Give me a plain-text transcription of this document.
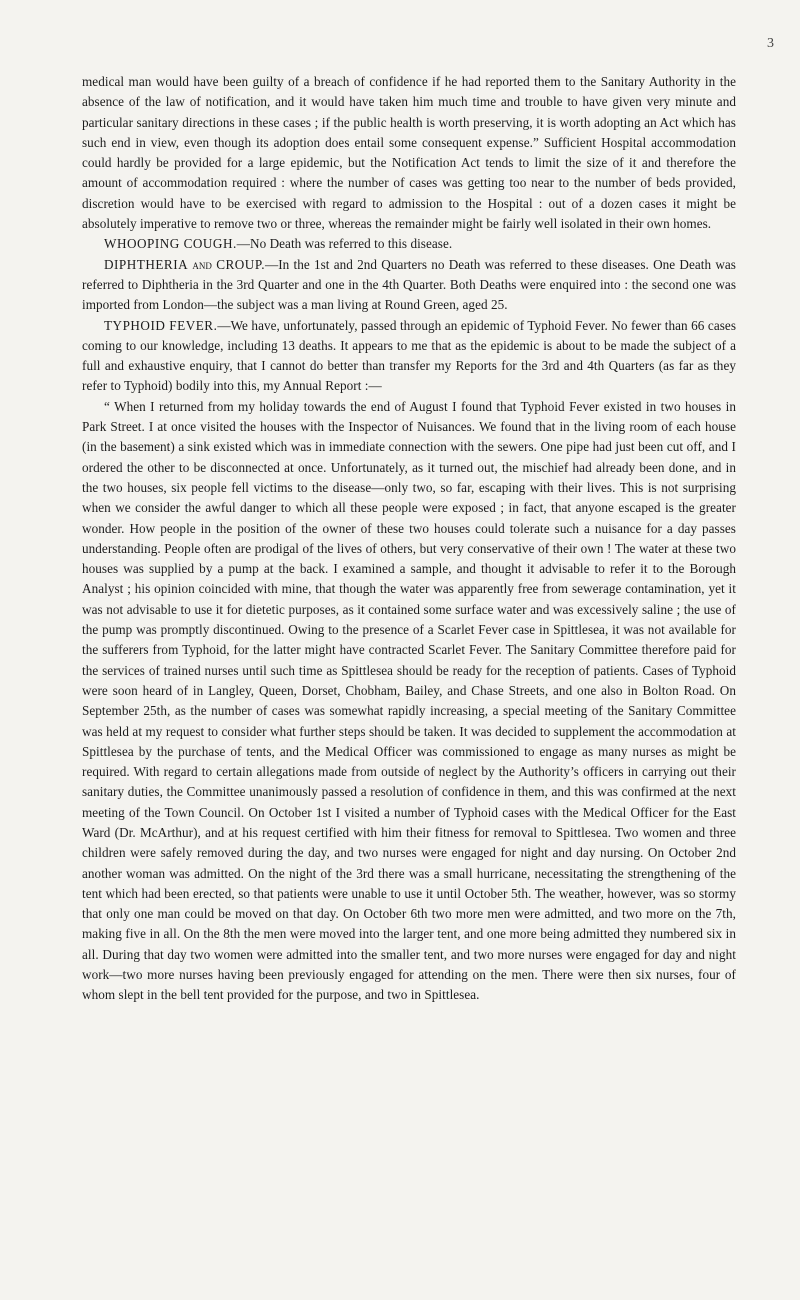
3

medical man would have been guilty of a breach of confidence if he had reported them to the Sanitary Authority in the absence of the law of notification, and it would have taken him much time and trouble to have given very minute and particular sanitary directions in these cases ; if the public health is worth preserving, it is worth adopting an Act which has such end in view, even though its adoption does entail some consequent expense.” Sufficient Hospital accommodation could hardly be provided for a large epidemic, but the Notification Act tends to limit the size of it and therefore the amount of accommodation required : where the number of cases was getting too near to the number of beds provided, discretion would have to be exercised with regard to admission to the Hospital : out of a dozen cases it might be absolutely imperative to remove two or three, whereas the remainder might be fairly well isolated in their own homes.

WHOOPING COUGH.—No Death was referred to this disease.

DIPHTHERIA and CROUP.—In the 1st and 2nd Quarters no Death was referred to these diseases. One Death was referred to Diphtheria in the 3rd Quarter and one in the 4th Quarter. Both Deaths were enquired into : the second one was imported from London—the subject was a man living at Round Green, aged 25.

TYPHOID FEVER.—We have, unfortunately, passed through an epidemic of Typhoid Fever. No fewer than 66 cases coming to our knowledge, including 13 deaths. It appears to me that as the epidemic is about to be made the subject of a full and exhaustive enquiry, that I cannot do better than transfer my Reports for the 3rd and 4th Quarters (as far as they refer to Typhoid) bodily into this, my Annual Report :—

“ When I returned from my holiday towards the end of August I found that Typhoid Fever existed in two houses in Park Street. I at once visited the houses with the Inspector of Nuisances. We found that in the living room of each house (in the basement) a sink existed which was in immediate connection with the sewers. One pipe had just been cut off, and I ordered the other to be disconnected at once. Unfortunately, as it turned out, the mischief had already been done, and in the two houses, six people fell victims to the disease—only two, so far, escaping with their lives. This is not surprising when we consider the awful danger to which all these people were exposed ; in fact, that anyone escaped is the greater wonder. How people in the position of the owner of these two houses could tolerate such a nuisance for a day passes understanding. People often are prodigal of the lives of others, but very conservative of their own ! The water at these two houses was supplied by a pump at the back. I examined a sample, and thought it advisable to refer it to the Borough Analyst ; his opinion coincided with mine, that though the water was apparently free from sewerage contamination, yet it was not advisable to use it for dietetic purposes, as it contained some surface water and was excessively saline ; the use of the pump was promptly discontinued. Owing to the presence of a Scarlet Fever case in Spittlesea, it was not available for the sufferers from Typhoid, for the latter might have contracted Scarlet Fever. The Sanitary Committee therefore paid for the services of trained nurses until such time as Spittlesea should be ready for the reception of patients. Cases of Typhoid were soon heard of in Langley, Queen, Dorset, Chobham, Bailey, and Chase Streets, and one also in Bolton Road. On September 25th, as the number of cases was somewhat rapidly increasing, a special meeting of the Sanitary Committee was held at my request to consider what further steps should be taken. It was decided to supplement the accommodation at Spittlesea by the purchase of tents, and the Medical Officer was commissioned to engage as many nurses as might be required. With regard to certain allegations made from outside of neglect by the Authority’s officers in carrying out their sanitary duties, the Committee unanimously passed a resolution of confidence in them, and this was confirmed at the next meeting of the Town Council. On October 1st I visited a number of Typhoid cases with the Medical Officer for the East Ward (Dr. McArthur), and at his request certified with him their fitness for removal to Spittlesea. Two women and three children were safely removed during the day, and two nurses were engaged for night and day nursing. On October 2nd another woman was admitted. On the night of the 3rd there was a small hurricane, necessitating the strengthening of the tent which had been erected, so that patients were unable to use it until October 5th. The weather, however, was so stormy that only one man could be moved on that day. On October 6th two more men were admitted, and two more on the 7th, making five in all. On the 8th the men were moved into the larger tent, and one more being admitted they numbered six in all. During that day two women were admitted into the smaller tent, and two more nurses were engaged for day and night work—two more nurses having been previously engaged for attending on the men. There were then six nurses, four of whom slept in the bell tent provided for the purpose, and two in Spittlesea.
